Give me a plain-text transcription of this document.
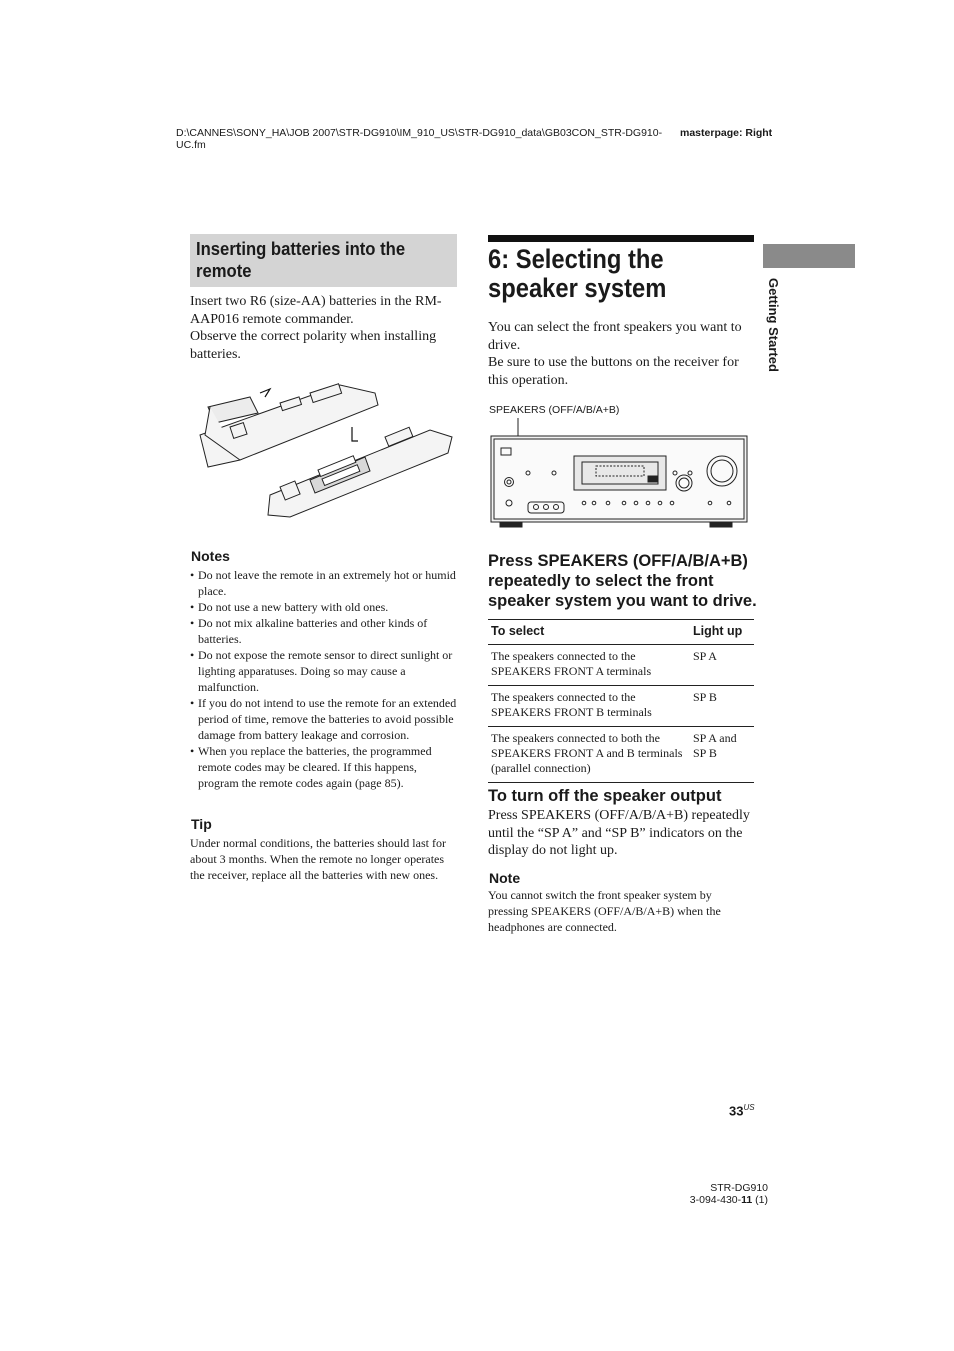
D:\CANNES\SONY_HA\JOB 2007\STR-DG910\IM_910_US\STR-DG910_data\GB03CON_STR-DG910-UC.fm
masterpage: Right
Inserting batteries into the remote
Insert two R6 (size-AA) batteries in the RM-AAP016 remote commander.
Observe the correct polarity when installing batteries.
Notes
• Do not leave the remote in an extremely hot or humid place.
• Do not use a new battery with old ones.
• Do not mix alkaline batteries and other kinds of batteries.
• Do not expose the remote sensor to direct sunlight or lighting apparatuses. Doing so may cause a malfunction.
• If you do not intend to use the remote for an extended period of time, remove the batteries to avoid possible damage from battery leakage and corrosion.
• When you replace the batteries, the programmed remote codes may be cleared. If this happens, program the remote codes again (page 85).
Tip
Under normal conditions, the batteries should last for about 3 months. When the remote no longer operates the receiver, replace all the batteries with new ones.
6: Selecting the speaker system
You can select the front speakers you want to drive.
Be sure to use the buttons on the receiver for this operation.
SPEAKERS (OFF/A/B/A+B)
Press SPEAKERS (OFF/A/B/A+B) repeatedly to select the front speaker system you want to drive.
To select	Light up
The speakers connected to the SPEAKERS FRONT A terminals	SP A
The speakers connected to the SPEAKERS FRONT B terminals	SP B
The speakers connected to both the SPEAKERS FRONT A and B terminals (parallel connection)	SP A and SP B
To turn off the speaker output
Press SPEAKERS (OFF/A/B/A+B) repeatedly until the “SP A” and “SP B” indicators on the display do not light up.
Note
You cannot switch the front speaker system by pressing SPEAKERS (OFF/A/B/A+B) when the headphones are connected.
Getting Started
$33^{US}$
STR-DG910
3-094-430-11 (1)
